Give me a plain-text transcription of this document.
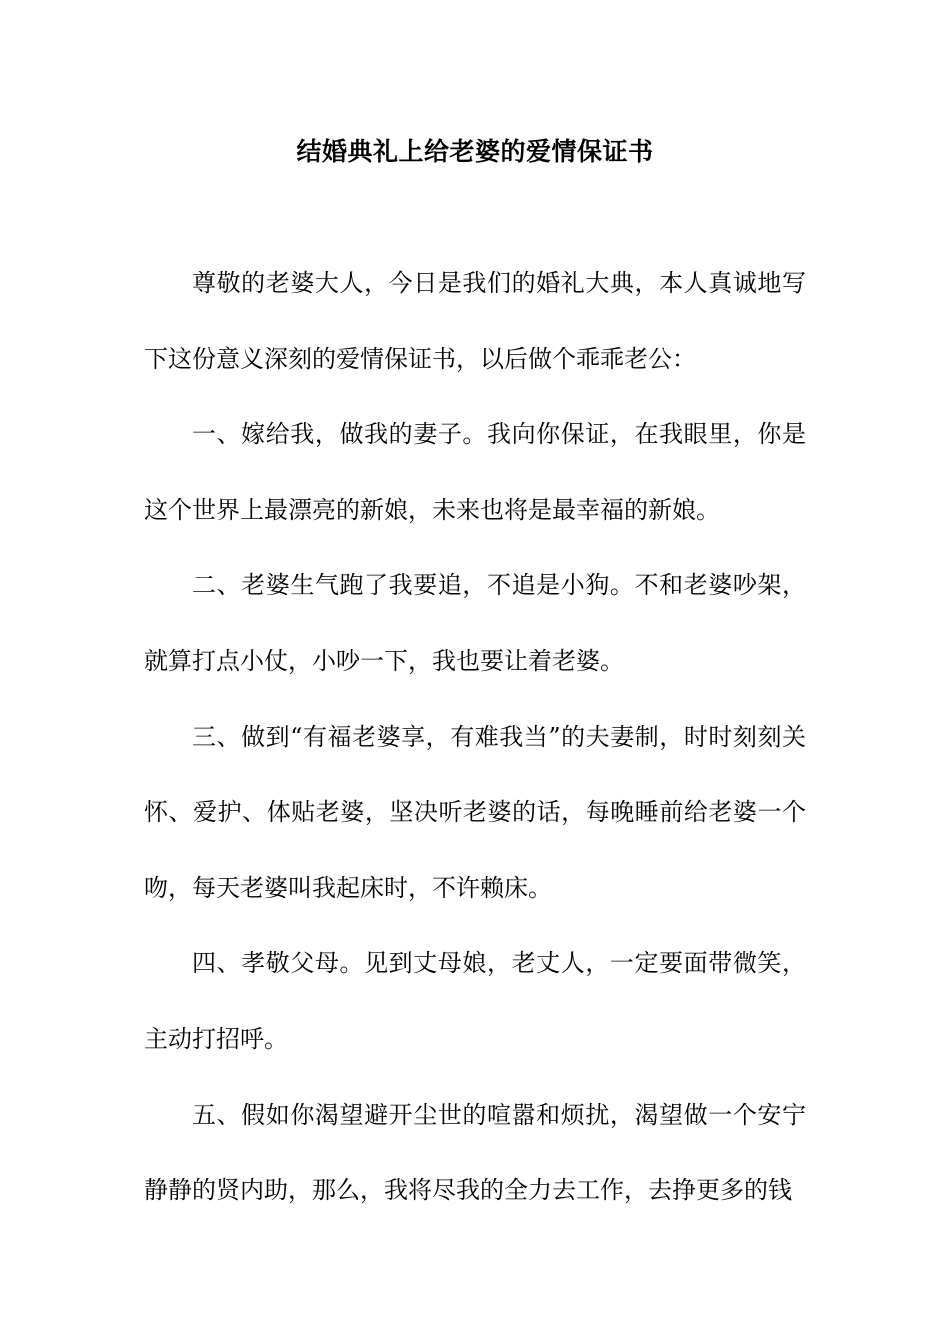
结婚典礼上给老婆的爱情保证书

尊敬的老婆大人，今日是我们的婚礼大典，本人真诚地写下这份意义深刻的爱情保证书，以后做个乖乖老公：

一、嫁给我，做我的妻子。我向你保证，在我眼里，你是这个世界上最漂亮的新娘，未来也将是最幸福的新娘。

二、老婆生气跑了我要追，不追是小狗。不和老婆吵架，就算打点小仗，小吵一下，我也要让着老婆。

三、做到“有福老婆享，有难我当”的夫妻制，时时刻刻关怀、爱护、体贴老婆，坚决听老婆的话，每晚睡前给老婆一个吻，每天老婆叫我起床时，不许赖床。

四、孝敬父母。见到丈母娘，老丈人，一定要面带微笑，主动打招呼。

五、假如你渴望避开尘世的喧嚣和烦扰，渴望做一个安宁静静的贤内助，那么，我将尽我的全力去工作，去挣更多的钱
